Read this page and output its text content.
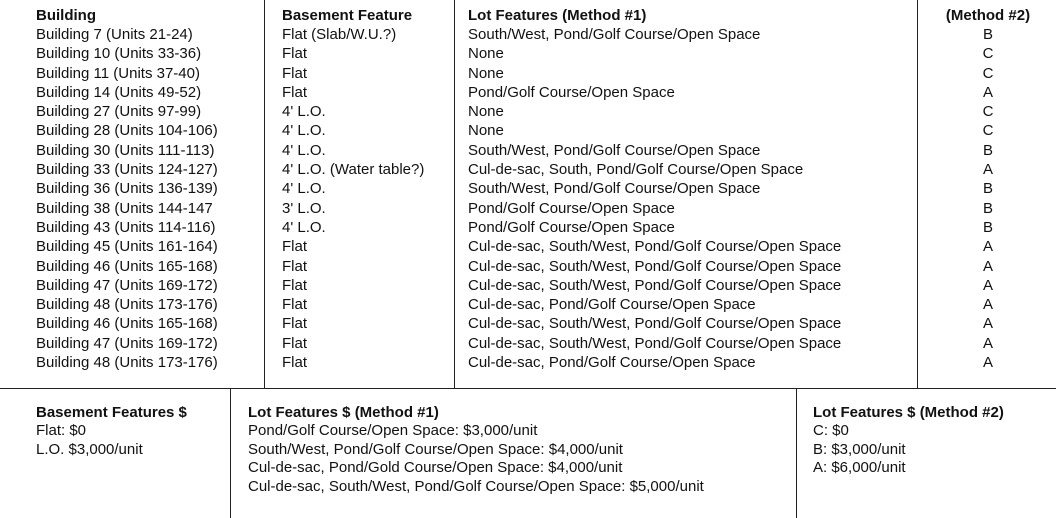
Building
Building 7 (Units 21-24)
Building 10 (Units 33-36)
Building 11 (Units 37-40)
Building 14 (Units 49-52)
Building 27 (Units 97-99)
Building 28 (Units 104-106)
Building 30 (Units 111-113)
Building 33 (Units 124-127)
Building 36 (Units 136-139)
Building 38 (Units 144-147
Building 43 (Units 114-116)
Building 45 (Units 161-164)
Building 46 (Units 165-168)
Building 47 (Units 169-172)
Building 48 (Units 173-176)
Building 46 (Units 165-168)
Building 47 (Units 169-172)
Building 48 (Units 173-176)
Basement Feature
Flat (Slab/W.U.?)
Flat
Flat
Flat
4' L.O.
4' L.O.
4' L.O.
4' L.O. (Water table?)
4' L.O.
3' L.O.
4' L.O.
Flat
Flat
Flat
Flat
Flat
Flat
Flat
Lot Features (Method #1)
South/West, Pond/Golf Course/Open Space
None
None
Pond/Golf Course/Open Space
None
None
South/West, Pond/Golf Course/Open Space
Cul-de-sac, South, Pond/Golf Course/Open Space
South/West, Pond/Golf Course/Open Space
Pond/Golf Course/Open Space
Pond/Golf Course/Open Space
Cul-de-sac, South/West, Pond/Golf Course/Open Space
Cul-de-sac, South/West, Pond/Golf Course/Open Space
Cul-de-sac, South/West, Pond/Golf Course/Open Space
Cul-de-sac, Pond/Golf Course/Open Space
Cul-de-sac, South/West, Pond/Golf Course/Open Space
Cul-de-sac, South/West, Pond/Golf Course/Open Space
Cul-de-sac, Pond/Golf Course/Open Space
(Method #2)
B
C
C
A
C
C
B
A
B
B
B
A
A
A
A
A
A
A
Basement Features $
Flat: $0
L.O. $3,000/unit
Lot Features $ (Method #1)
Pond/Golf Course/Open Space: $3,000/unit
South/West, Pond/Golf Course/Open Space: $4,000/unit
Cul-de-sac, Pond/Gold Course/Open Space: $4,000/unit
Cul-de-sac, South/West, Pond/Golf Course/Open Space: $5,000/unit
Lot Features $ (Method #2)
C: $0
B: $3,000/unit
A: $6,000/unit
